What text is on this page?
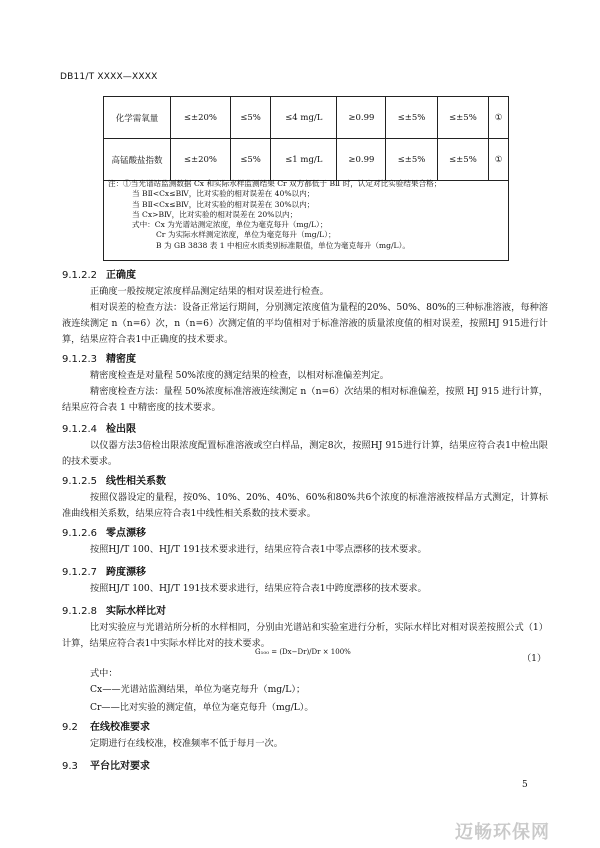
DB11/T XXXX—XXXX
化学需氧量	≤±20%	≤5%	≤4 mg/L	≥0.99	≤±5%	≤±5%	①
高锰酸盐指数	≤±20%	≤5%	≤1 mg/L	≥0.99	≤±5%	≤±5%	①
注：①当光谱站监测数据 Cx 和实际水样监测结果 Cr 双方都低于 BⅡ 时，认定对比实验结果合格；
当 BⅡ<Cx≤BⅣ，比对实验的相对误差在 40%以内；
当 BⅡ<Cx≤BⅣ，比对实验的相对误差在 30%以内；
当 Cx>BⅣ，比对实验的相对误差在 20%以内；
式中：Cx 为光谱站测定浓度，单位为毫克每升（mg/L）；
Cr 为实际水样测定浓度，单位为毫克每升（mg/L）；
B 为 GB 3838 表 1 中相应水质类别标准限值，单位为毫克每升（mg/L）。
9.1.2.2 正确度
正确度一般按规定浓度样品测定结果的相对误差进行检查。
相对误差的检查方法：设备正常运行期间，分别测定浓度值为量程的20%、50%、80%的三种标准溶液，每种溶液连续测定 n（n=6）次，n（n=6）次测定值的平均值相对于标准溶液的质量浓度值的相对误差，按照HJ 915进行计算，结果应符合表1中正确度的技术要求。
9.1.2.3 精密度
精密度检查是对量程 50%浓度的测定结果的检查，以相对标准偏差判定。
精密度检查方法：量程 50%浓度标准溶液连续测定 n（n=6）次结果的相对标准偏差，按照 HJ 915 进行计算，结果应符合表 1 中精密度的技术要求。
9.1.2.4 检出限
以仪器方法3倍检出限浓度配置标准溶液或空白样品，测定8次，按照HJ 915进行计算，结果应符合表1中检出限的技术要求。
9.1.2.5 线性相关系数
按照仪器设定的量程，按0%、10%、20%、40%、60%和80%共6个浓度的标准溶液按样品方式测定，计算标准曲线相关系数，结果应符合表1中线性相关系数的技术要求。
9.1.2.6 零点漂移
按照HJ/T 100、HJ/T 191技术要求进行，结果应符合表1中零点漂移的技术要求。
9.1.2.7 跨度漂移
按照HJ/T 100、HJ/T 191技术要求进行，结果应符合表1中跨度漂移的技术要求。
9.1.2.8 实际水样比对
比对实验应与光谱站所分析的水样相同，分别由光谱站和实验室进行分析，实际水样比对相对误差按照公式（1）计算，结果应符合表1中实际水样比对的技术要求。
G₁₀₀ = (Dx−Dr)/Dr × 100%
（1）
式中：
Cx——光谱站监测结果，单位为毫克每升（mg/L）；
Cr——比对实验的测定值，单位为毫克每升（mg/L）。
9.2 在线校准要求
定期进行在线校准，校准频率不低于每月一次。
9.3 平台比对要求
5
迈畅环保网
